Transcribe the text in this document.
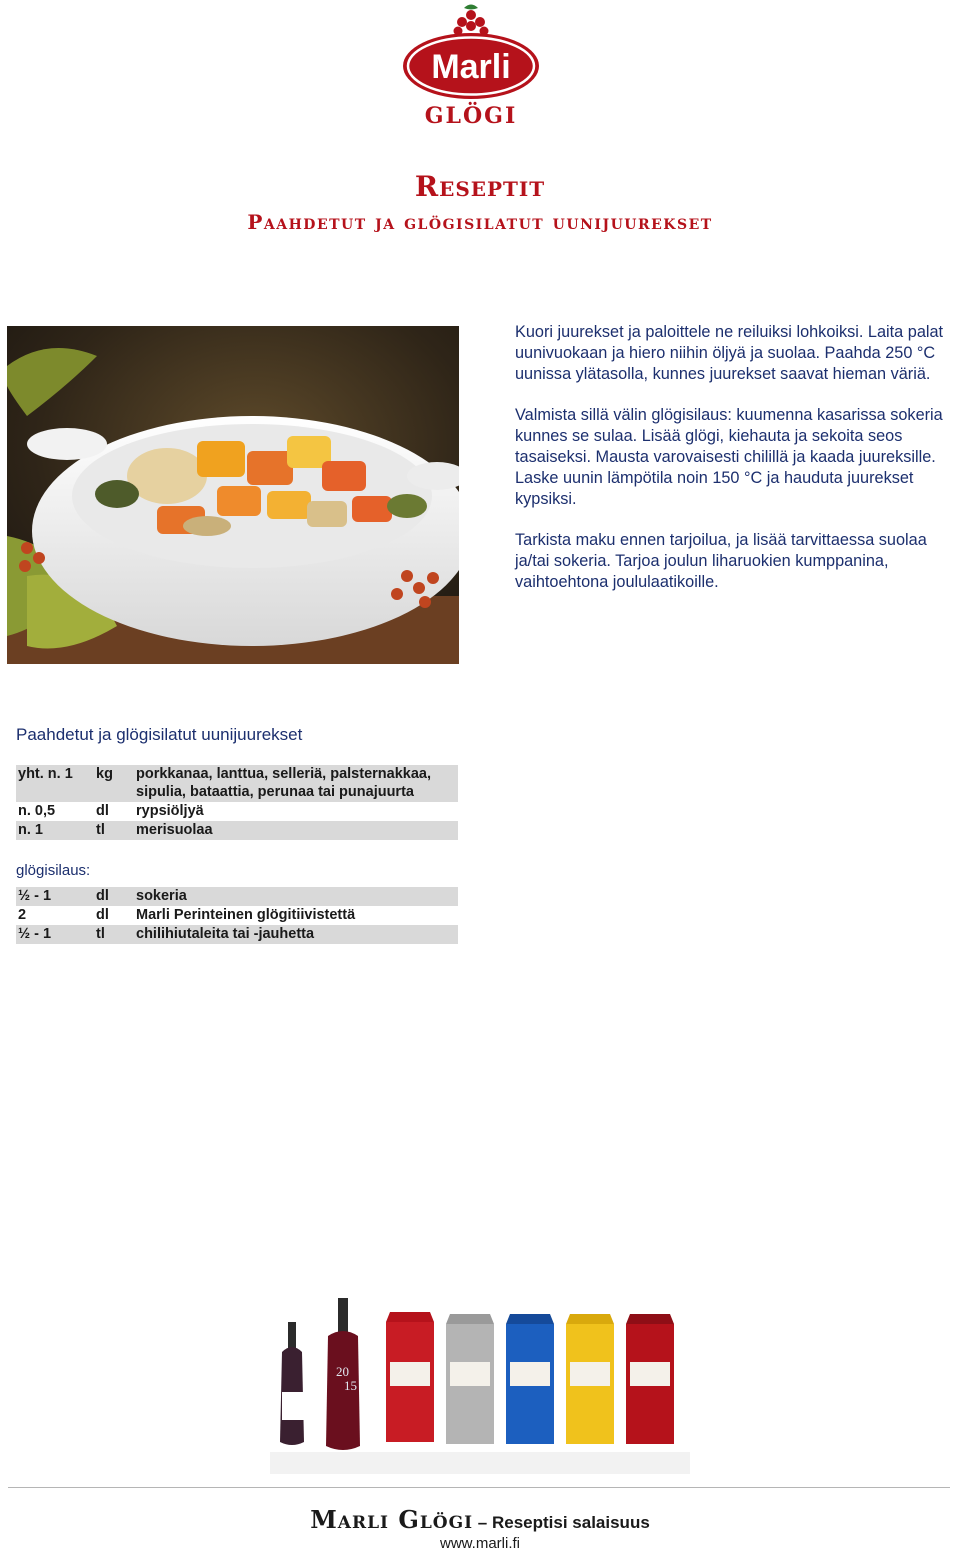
Marli
GLÖGI
Reseptit
Paahdetut ja glögisilatut uunijuurekset

Kuori juurekset ja paloittele ne reiluiksi lohkoiksi. Laita palat uunivuokaan ja hiero niihin öljyä ja suolaa. Paahda 250 °C uunissa ylätasolla, kunnes juurekset saavat hieman väriä.

Valmista sillä välin glögisilaus: kuumenna kasarissa sokeria kunnes se sulaa. Lisää glögi, kiehauta ja sekoita seos tasaiseksi. Mausta varovaisesti chilillä ja kaada juureksille. Laske uunin lämpötila noin 150 °C ja hauduta juurekset kypsiksi.

Tarkista maku ennen tarjoilua, ja lisää tarvittaessa suolaa ja/tai sokeria. Tarjoa joulun liharuokien kumppanina, vaihtoehtona joululaatikoille.

Paahdetut ja glögisilatut uunijuurekset
yht. n. 1 kg porkkanaa, lanttua, selleriä, palsternakkaa, sipulia, bataattia, perunaa tai punajuurta
n. 0,5	dl rypsiöljyä
n. 1	tl merisuolaa
glögisilaus:
½ - 1	dl sokeria
2	dl Marli Perinteinen glögitiivistettä
½ - 1	tl chilihiutaleita tai -jauhetta
20
15
Marli Glögi – Reseptisi salaisuus
www.marli.fi
